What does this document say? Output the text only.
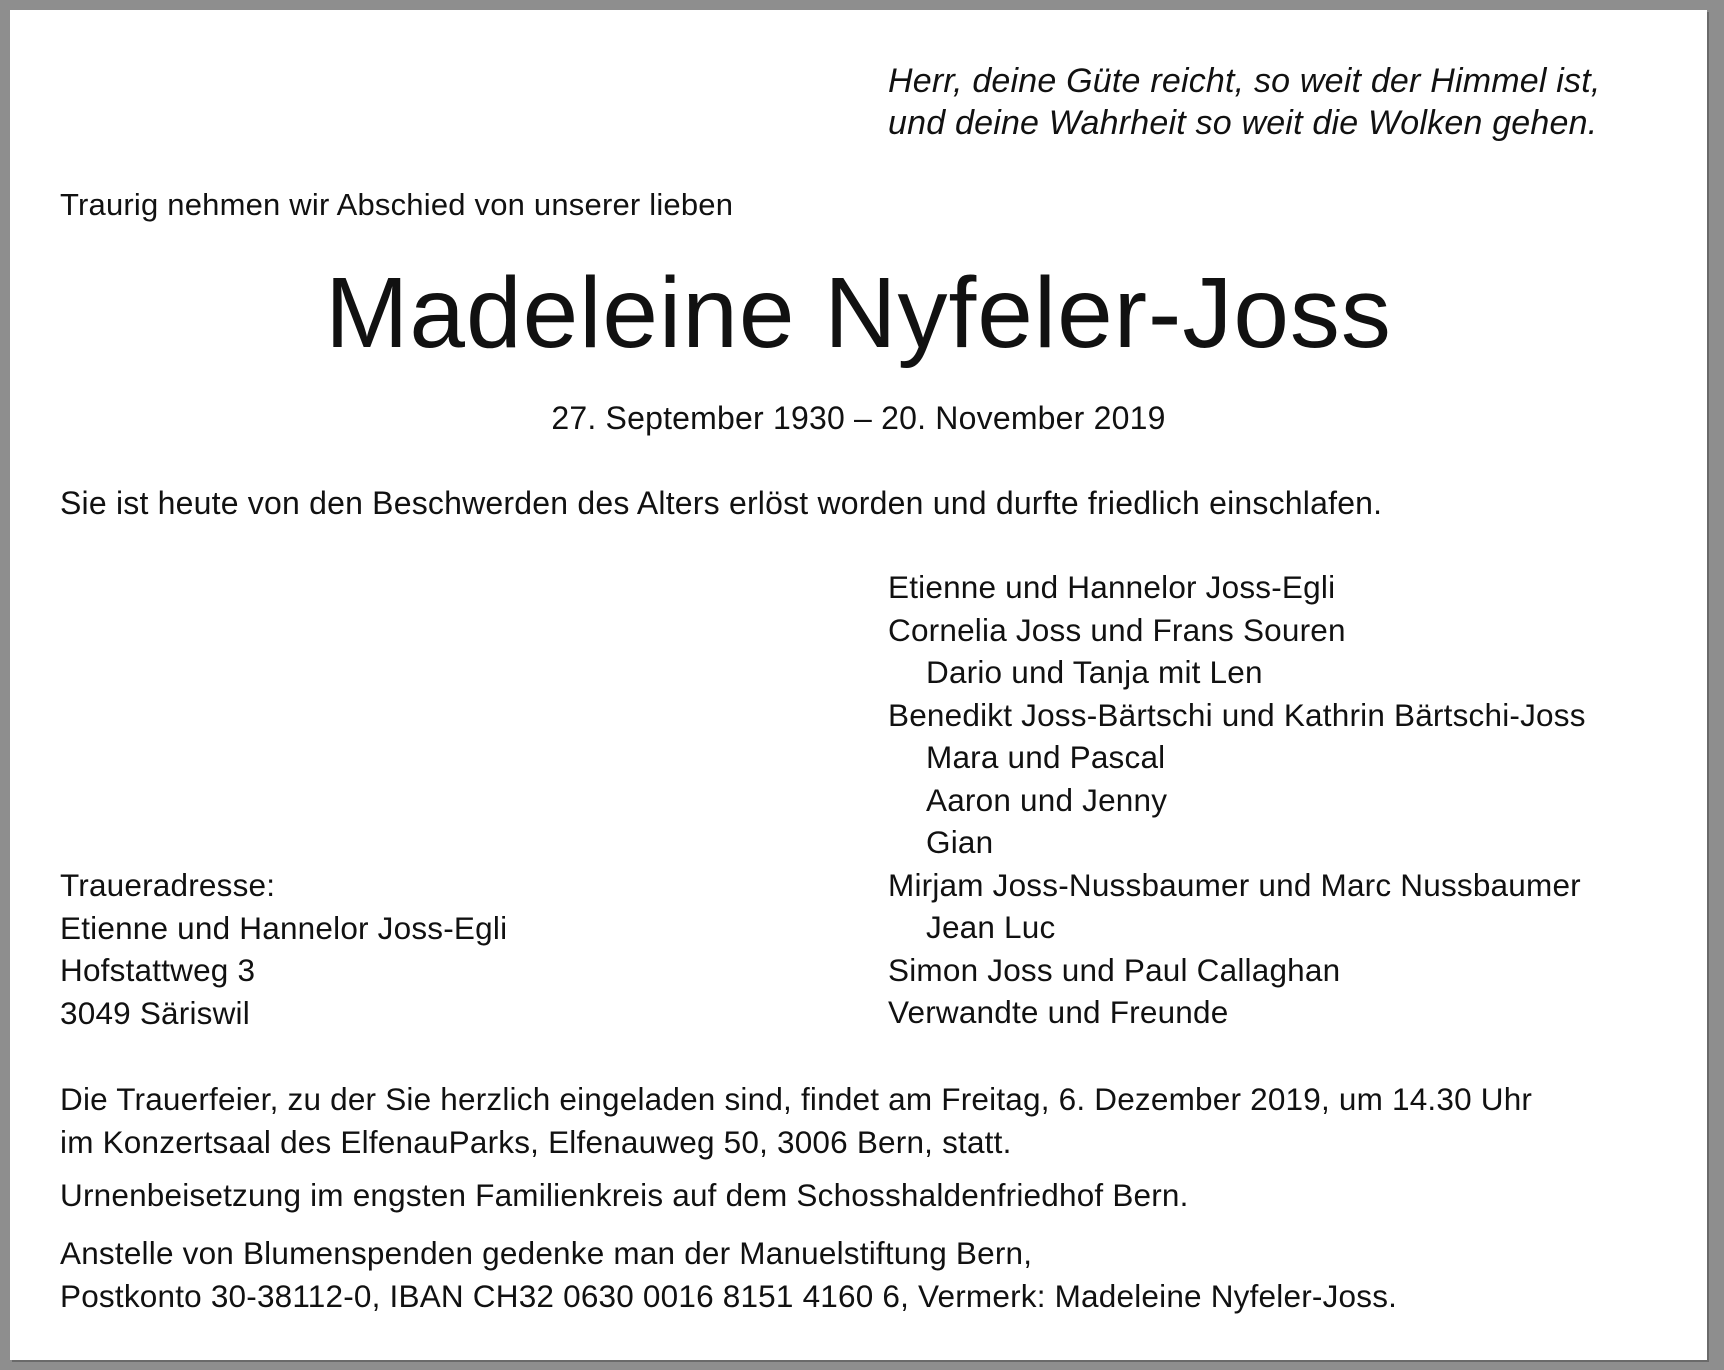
Herr, deine Güte reicht, so weit der Himmel ist,
und deine Wahrheit so weit die Wolken gehen.
Traurig nehmen wir Abschied von unserer lieben
Madeleine Nyfeler-Joss
27. September 1930 – 20. November 2019
Sie ist heute von den Beschwerden des Alters erlöst worden und durfte friedlich einschlafen.
Etienne und Hannelor Joss-Egli
Cornelia Joss und Frans Souren
Dario und Tanja mit Len
Benedikt Joss-Bärtschi und Kathrin Bärtschi-Joss
Mara und Pascal
Aaron und Jenny
Gian
Mirjam Joss-Nussbaumer und Marc Nussbaumer
Jean Luc
Simon Joss und Paul Callaghan
Verwandte und Freunde
Traueradresse:
Etienne und Hannelor Joss-Egli
Hofstattweg 3
3049 Säriswil
Die Trauerfeier, zu der Sie herzlich eingeladen sind, findet am Freitag, 6. Dezember 2019, um 14.30 Uhr
im Konzertsaal des ElfenauParks, Elfenauweg 50, 3006 Bern, statt.
Urnenbeisetzung im engsten Familienkreis auf dem Schosshaldenfriedhof Bern.
Anstelle von Blumenspenden gedenke man der Manuelstiftung Bern,
Postkonto 30-38112-0, IBAN CH32 0630 0016 8151 4160 6, Vermerk: Madeleine Nyfeler-Joss.
